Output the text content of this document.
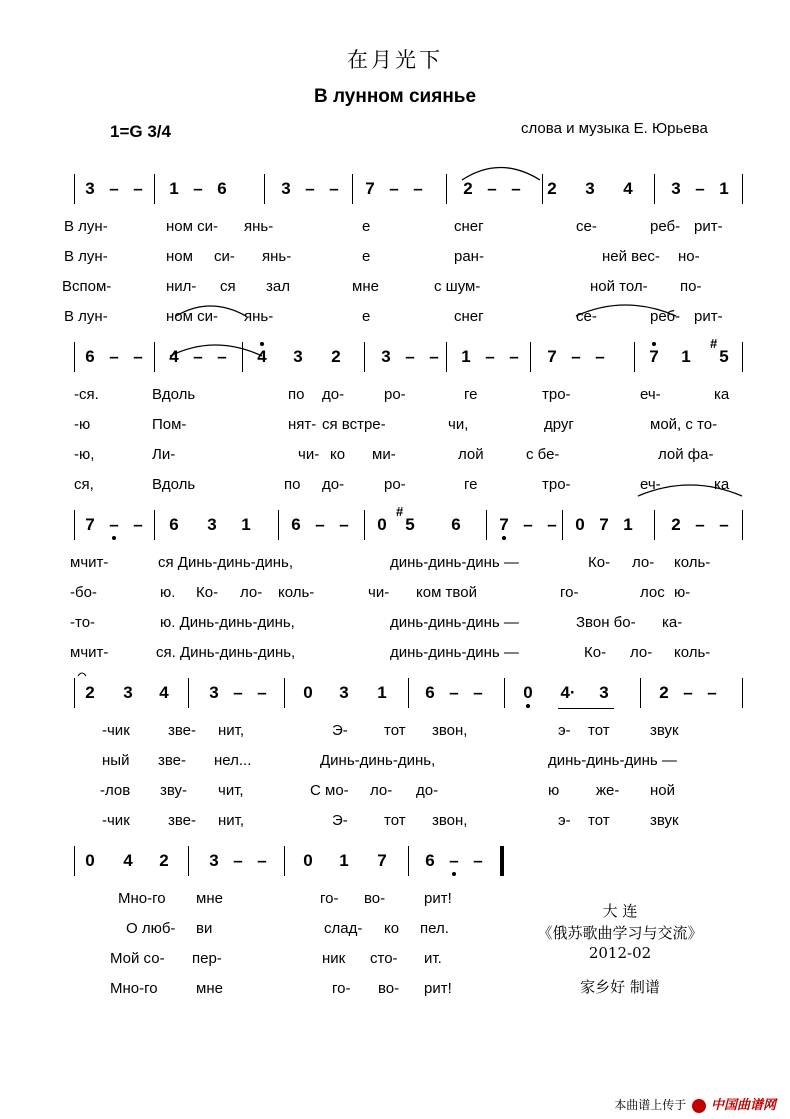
在月光下
В лунном сиянье
1=G 3/4	слова и музыка Е. Юрьева
3 – –	1 – 6	3 – –	7 – –	2 – –	2	3	4	3 – 1
В лун-	ном си- янь-	е	снег	се-	реб- рит-
В лун-	ном си- янь-	е	ран-	ней вес- но-
Вспом-	нил- ся зал	мне	с шум-	ной тол- по-
В лун-	ном си- янь-	е	снег	се-	реб- рит-
6 – –	4 – –	4	3	2	3 – –	1 – –	7 – –	7	1	5
-ся.	Вдоль	по до-	ро-	ге	тро-	еч-	ка
-ю	Пом-	нят- ся встре-	чи,	друг	мой, с то-
-ю,	Ли-	чи- ко ми-	лой	с бе-	лой фа-
ся,	Вдоль	по до-	ро-	ге	тро-	еч-	ка
7 – –	6	3	1	6 – –	0	5	6	7 – –	0 7 1	2 – –
мчит-	ся Динь-динь-динь,	динь-динь-динь —	Ко- ло- коль-
-бо-	ю. Ко- ло- коль-	чи- ком твой	го-	лос ю-
-то-	ю. Динь-динь-динь,	динь-динь-динь —	Звон бо- ка-
мчит-	ся. Динь-динь-динь,	динь-динь-динь —	Ко- ло- коль-
2	3	4	3 – –	0	3	1	6 – –	0	4·	3	2 – –
-чик	зве- нит,	Э- тот звон,	э- тот	звук
ный зве- нел...	Динь-динь-динь,	динь-динь-динь —
-лов зву- чит,	С мо- ло- до-	ю же- ной
-чик	зве- нит,	Э- тот звон,	э- тот	звук
0	4	2	3 – –	0	1	7	6 – –
Мно-го мне	го- во-	рит!
О люб- ви	слад- ко пел.
Мой со- пер-	ник сто- ит.
Мно-го	мне	го- во- рит!
#
#
大 连
《俄苏歌曲学习与交流》
2012-02
家乡好 制谱
本曲谱上传于 中国曲谱网
